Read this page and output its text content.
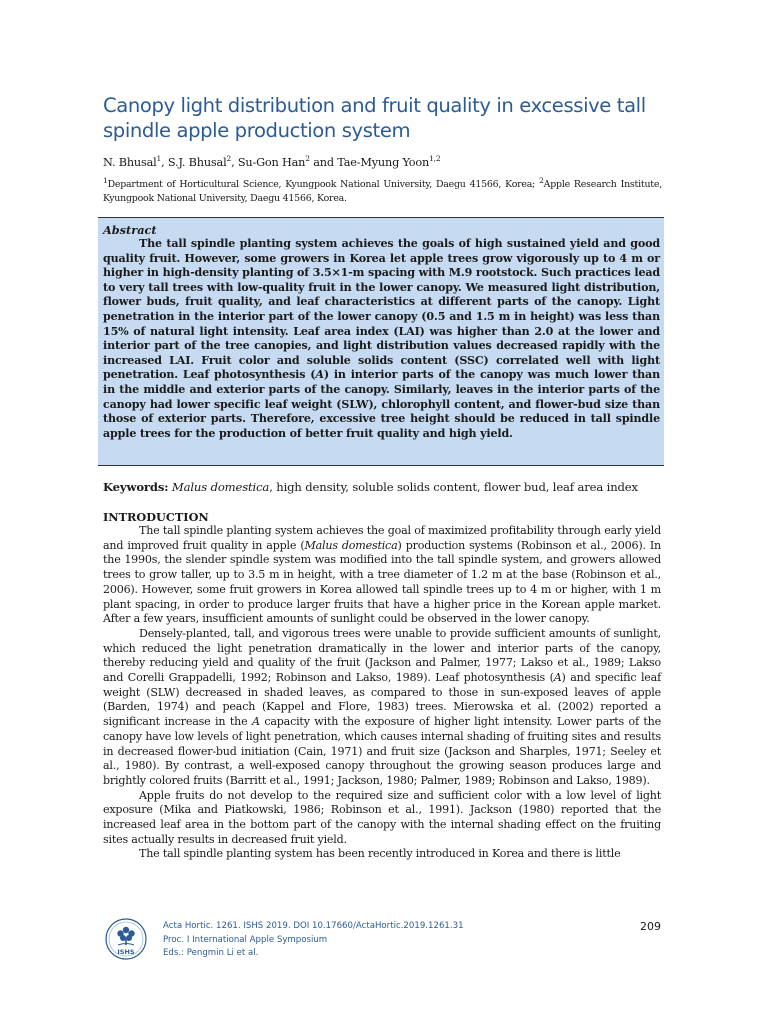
Canopy light distribution and fruit quality in excessive tall spindle apple production system
N. Bhusal$^1$, S.J. Bhusal$^2$, Su-Gon Han$^2$ and Tae-Myung Yoon$^{1,2}$
$^1$Department of Horticultural Science, Kyungpook National University, Daegu 41566, Korea; $^2$Apple Research Institute, Kyungpook National University, Daegu 41566, Korea.
Abstract

The tall spindle planting system achieves the goals of high sustained yield and good quality fruit. However, some growers in Korea let apple trees grow vigorously up to 4 m or higher in high-density planting of 3.5×1-m spacing with M.9 rootstock. Such practices lead to very tall trees with low-quality fruit in the lower canopy. We measured light distribution, flower buds, fruit quality, and leaf characteristics at different parts of the canopy. Light penetration in the interior part of the lower canopy (0.5 and 1.5 m in height) was less than 15% of natural light intensity. Leaf area index (LAI) was higher than 2.0 at the lower and interior part of the tree canopies, and light distribution values decreased rapidly with the increased LAI. Fruit color and soluble solids content (SSC) correlated well with light penetration. Leaf photosynthesis (A) in interior parts of the canopy was much lower than in the middle and exterior parts of the canopy. Similarly, leaves in the interior parts of the canopy had lower specific leaf weight (SLW), chlorophyll content, and flower-bud size than those of exterior parts. Therefore, excessive tree height should be reduced in tall spindle apple trees for the production of better fruit quality and high yield.

Keywords: Malus domestica, high density, soluble solids content, flower bud, leaf area index
INTRODUCTION

The tall spindle planting system achieves the goal of maximized profitability through early yield and improved fruit quality in apple (Malus domestica) production systems (Robinson et al., 2006). In the 1990s, the slender spindle system was modified into the tall spindle system, and growers allowed trees to grow taller, up to 3.5 m in height, with a tree diameter of 1.2 m at the base (Robinson et al., 2006). However, some fruit growers in Korea allowed tall spindle trees up to 4 m or higher, with 1 m plant spacing, in order to produce larger fruits that have a higher price in the Korean apple market. After a few years, insufficient amounts of sunlight could be observed in the lower canopy.

Densely-planted, tall, and vigorous trees were unable to provide sufficient amounts of sunlight, which reduced the light penetration dramatically in the lower and interior parts of the canopy, thereby reducing yield and quality of the fruit (Jackson and Palmer, 1977; Lakso et al., 1989; Lakso and Corelli Grappadelli, 1992; Robinson and Lakso, 1989). Leaf photosynthesis (A) and specific leaf weight (SLW) decreased in shaded leaves, as compared to those in sun-exposed leaves of apple (Barden, 1974) and peach (Kappel and Flore, 1983) trees. Mierowska et al. (2002) reported a significant increase in the A capacity with the exposure of higher light intensity. Lower parts of the canopy have low levels of light penetration, which causes internal shading of fruiting sites and results in decreased flower-bud initiation (Cain, 1971) and fruit size (Jackson and Sharples, 1971; Seeley et al., 1980). By contrast, a well-exposed canopy throughout the growing season produces large and brightly colored fruits (Barritt et al., 1991; Jackson, 1980; Palmer, 1989; Robinson and Lakso, 1989).

Apple fruits do not develop to the required size and sufficient color with a low level of light exposure (Mika and Piatkowski, 1986; Robinson et al., 1991). Jackson (1980) reported that the increased leaf area in the bottom part of the canopy with the internal shading effect on the fruiting sites actually results in decreased fruit yield.

The tall spindle planting system has been recently introduced in Korea and there is little

ISHS
Acta Hortic. 1261. ISHS 2019. DOI 10.17660/ActaHortic.2019.1261.31
Proc. I International Apple Symposium
Eds.: Pengmin Li et al.
209
